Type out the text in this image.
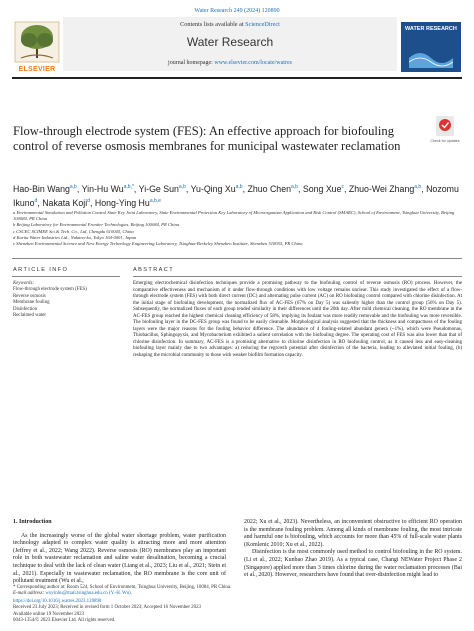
Water Research 249 (2024) 120890
ELSEVIER
Contents lists available at ScienceDirect
Water Research
journal homepage: www.elsevier.com/locate/watres
WATER RESEARCH
Flow-through electrode system (FES): An effective approach for biofouling control of reverse osmosis membranes for municipal wastewater reclamation	Check for updates
Hao-Bin Wang$^{a,b}$, Yin-Hu $Wu^{a,b,*}$, Yi-Ge Sun$^{a,b}$, Yu-Qing Xu$^{a,b}$, Zhuo Chen$^{a,b}$, Song Xue$^c$, Zhuo-Wei Zhang$^{a,b}$, Nozomu Ikuno$^d$, Nakata Koji$^d$, Hong-Ying Hu$^{a,b,e}$
a Environmental Simulation and Pollution Control State Key Joint Laboratory, State Environmental Protection Key Laboratory of Microorganism Application and Risk Control (SMARC), School of Environment, Tsinghua University, Beijing 100084, PR China
b Beijing Laboratory for Environmental Frontier Technologies, Beijing 100084, PR China
c CSCEC SCIMEE Sci.& Tech. Co., Ltd, Chengdu 610045, China
d Kurita Water Industries Ltd., Nakano-ku, Tokyo 164-0001, Japan
e Shenzhen Environmental Science and New Energy Technology Engineering Laboratory, Tsinghua-Berkeley Shenzhen Institute, Shenzhen 518055, PR China
ARTICLE INFO	ABSTRACT
Keywords:
Flow-through electrode system (FES)
Reverse osmosis
Membrane fouling
Disinfection
Reclaimed water
Emerging electrochemical disinfection techniques provide a promising pathway to the biofouling control of reverse osmosis (RO) process. However, the comparative effectiveness and mechanism of it under flow-through conditions with low voltage remains unclear. This study investigated the effect of a flow-through electrode system (FES) with both direct current (DC) and alternating pulse current (AC) on RO biofouling control compared with chlorine disinfection. At the initial stage of biofouling development, the normalized flux of AC-FES (67% on Day 5) was saliently higher than the control group (56% on Day 5). Subsequently, the normalized fluxes of each group tended similarity in their differences until the 20th day. After mild chemical cleaning, the RO membrane in the AC-FES group reached the highest chemical cleaning efficiency of 58%, implying its foulant was more readily removable and the biofouling was more reversible. The biofouling layer in the DC-FES group was found to be easily cleanable. Morphological analysis suggested that the thickness and compactness of the fouling layers were the major reasons for the fouling behavior difference. The abundance of 4 fouling-related abundant genera (~1%), which were Pseudomonas, Thiobacillus, Sphingopyxis, and Mycobacterium exhibited a salient correlation with the biofouling degree. The operating cost of FES was also lower than that of chlorine disinfection. In summary, AC-FES is a promising alternative to chlorine disinfection in RO biofouling control, as it caused less and easy-cleaning biofouling layer mainly due to two advantages: a) reducing the regrowth potential after disinfection of the bacteria, leading to alleviated initial fouling, (b) reshaping the microbial community to those with weaker biofilm formation capacity.
1. Introduction

As the increasingly worse of the global water shortage problem, water purification technology adapted to complex water quality is attracting more and more attention (Jeffrey et al., 2022; Wang 2022). Reverse osmosis (RO) membranes play an important role in both wastewater reclamation and saline water desalination, becoming a crucial technique to deal with the lack of clean water (Liang et al., 2023; Liu et al., 2021; Stein et al., 2021). Especially in wastewater reclamation, the RO membrane is the core unit of pollutant treatment (Wu et al.,

2022; Xu et al., 2023). Nevertheless, an inconvenient obstructive to efficient RO operation is the membrane fouling problem. Among all kinds of membrane fouling, the most intricate and harmful one is biofouling, which accounts for more than 45% of full-scale water plants (Komlenic 2010; Xu et al., 2022).

Disinfection is the most commonly used method to control biofouling in the RO system. (Li et al., 2022; Kunbao Zhao 2019). As a typical case, Changi NEWater Project Phase 2 (Singapore) applied more than 3 times chlorine during the water reclamation processes (Bai et al., 2020). However, researchers have found that over-disinfection might lead to

* Corresponding author at: Room 524, School of Environment, Tsinghua University, Beijing, 10084, PR China.
E-mail address: wuyinhu@mail.tsinghua.edu.cn (Y.-H. Wu).
https://doi.org/10.1016/j.watres.2023.120890
Received 23 July 2023; Received in revised form 1 October 2023; Accepted 16 November 2023
Available online 19 November 2023
0043-1354/© 2023 Elsevier Ltd. All rights reserved.
